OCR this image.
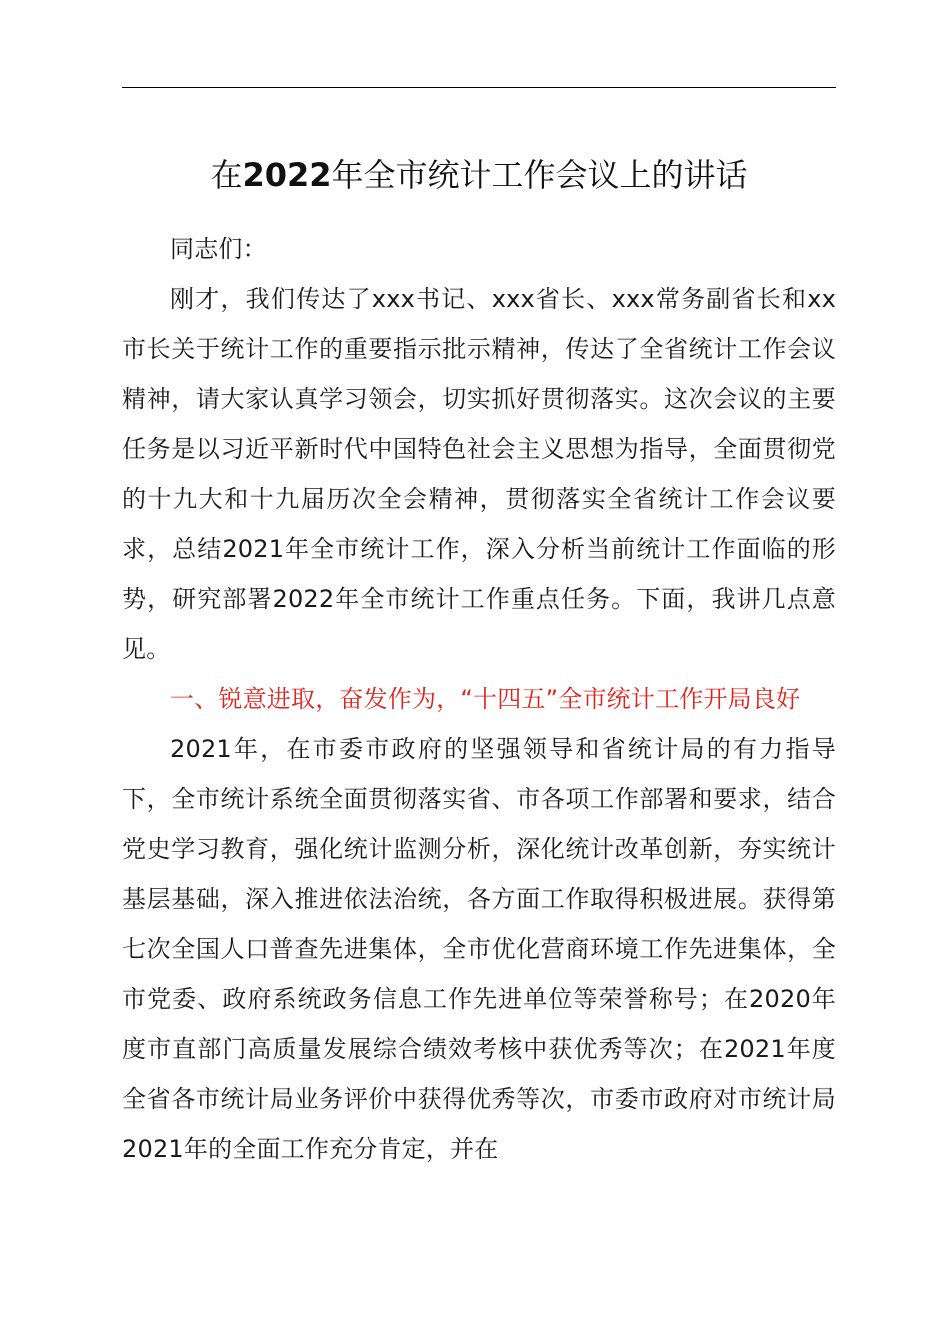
在2022年全市统计工作会议上的讲话

同志们：

刚才，我们传达了xxx书记、xxx省长、xxx常务副省长和xx市长关于统计工作的重要指示批示精神，传达了全省统计工作会议精神，请大家认真学习领会，切实抓好贯彻落实。这次会议的主要任务是以习近平新时代中国特色社会主义思想为指导，全面贯彻党的十九大和十九届历次全会精神，贯彻落实全省统计工作会议要求，总结2021年全市统计工作，深入分析当前统计工作面临的形势，研究部署2022年全市统计工作重点任务。下面，我讲几点意见。

一、锐意进取，奋发作为，“十四五”全市统计工作开局良好

2021年，在市委市政府的坚强领导和省统计局的有力指导下，全市统计系统全面贯彻落实省、市各项工作部署和要求，结合党史学习教育，强化统计监测分析，深化统计改革创新，夯实统计基层基础，深入推进依法治统，各方面工作取得积极进展。获得第七次全国人口普查先进集体，全市优化营商环境工作先进集体，全市党委、政府系统政务信息工作先进单位等荣誉称号；在2020年度市直部门高质量发展综合绩效考核中获优秀等次；在2021年度全省各市统计局业务评价中获得优秀等次，市委市政府对市统计局2021年的全面工作充分肯定，并在
